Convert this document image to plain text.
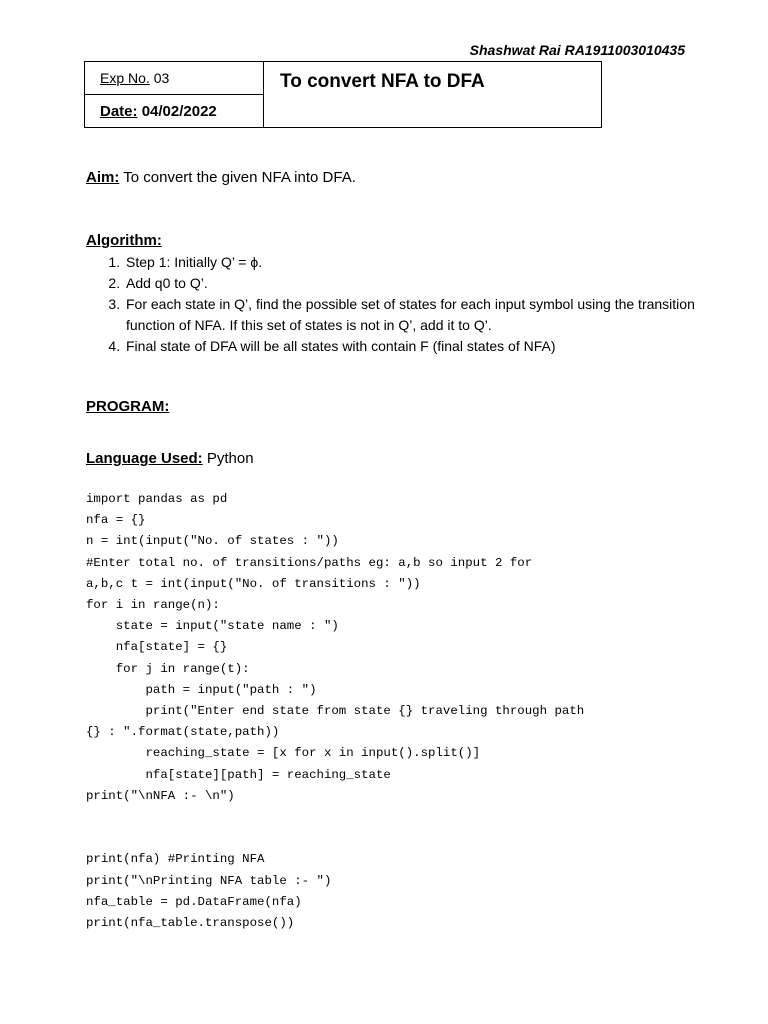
Shashwat Rai RA1911003010435
Exp No. 03
Date: 04/02/2022
To convert NFA to DFA
Aim: To convert the given NFA into DFA.
Algorithm:
1. Step 1: Initially Q’ = ϕ.
2. Add q0 to Q’.
3. For each state in Q’, find the possible set of states for each input symbol using the transition function of NFA. If this set of states is not in Q’, add it to Q’.
4. Final state of DFA will be all states with contain F (final states of NFA)
PROGRAM:
Language Used: Python
import pandas as pd
nfa = {}
n = int(input("No. of states : "))
#Enter total no. of transitions/paths eg: a,b so input 2 for
a,b,c t = int(input("No. of transitions : "))
for i in range(n):
state = input("state name : ")
nfa[state] = {}
for j in range(t):
path = input("path : ")
print("Enter end state from state {} traveling through path
{} : ".format(state,path))
reaching_state = [x for x in input().split()]
nfa[state][path] = reaching_state
print("\nNFA :- \n")

print(nfa) #Printing NFA
print("\nPrinting NFA table :- ")
nfa_table = pd.DataFrame(nfa)
print(nfa_table.transpose())
